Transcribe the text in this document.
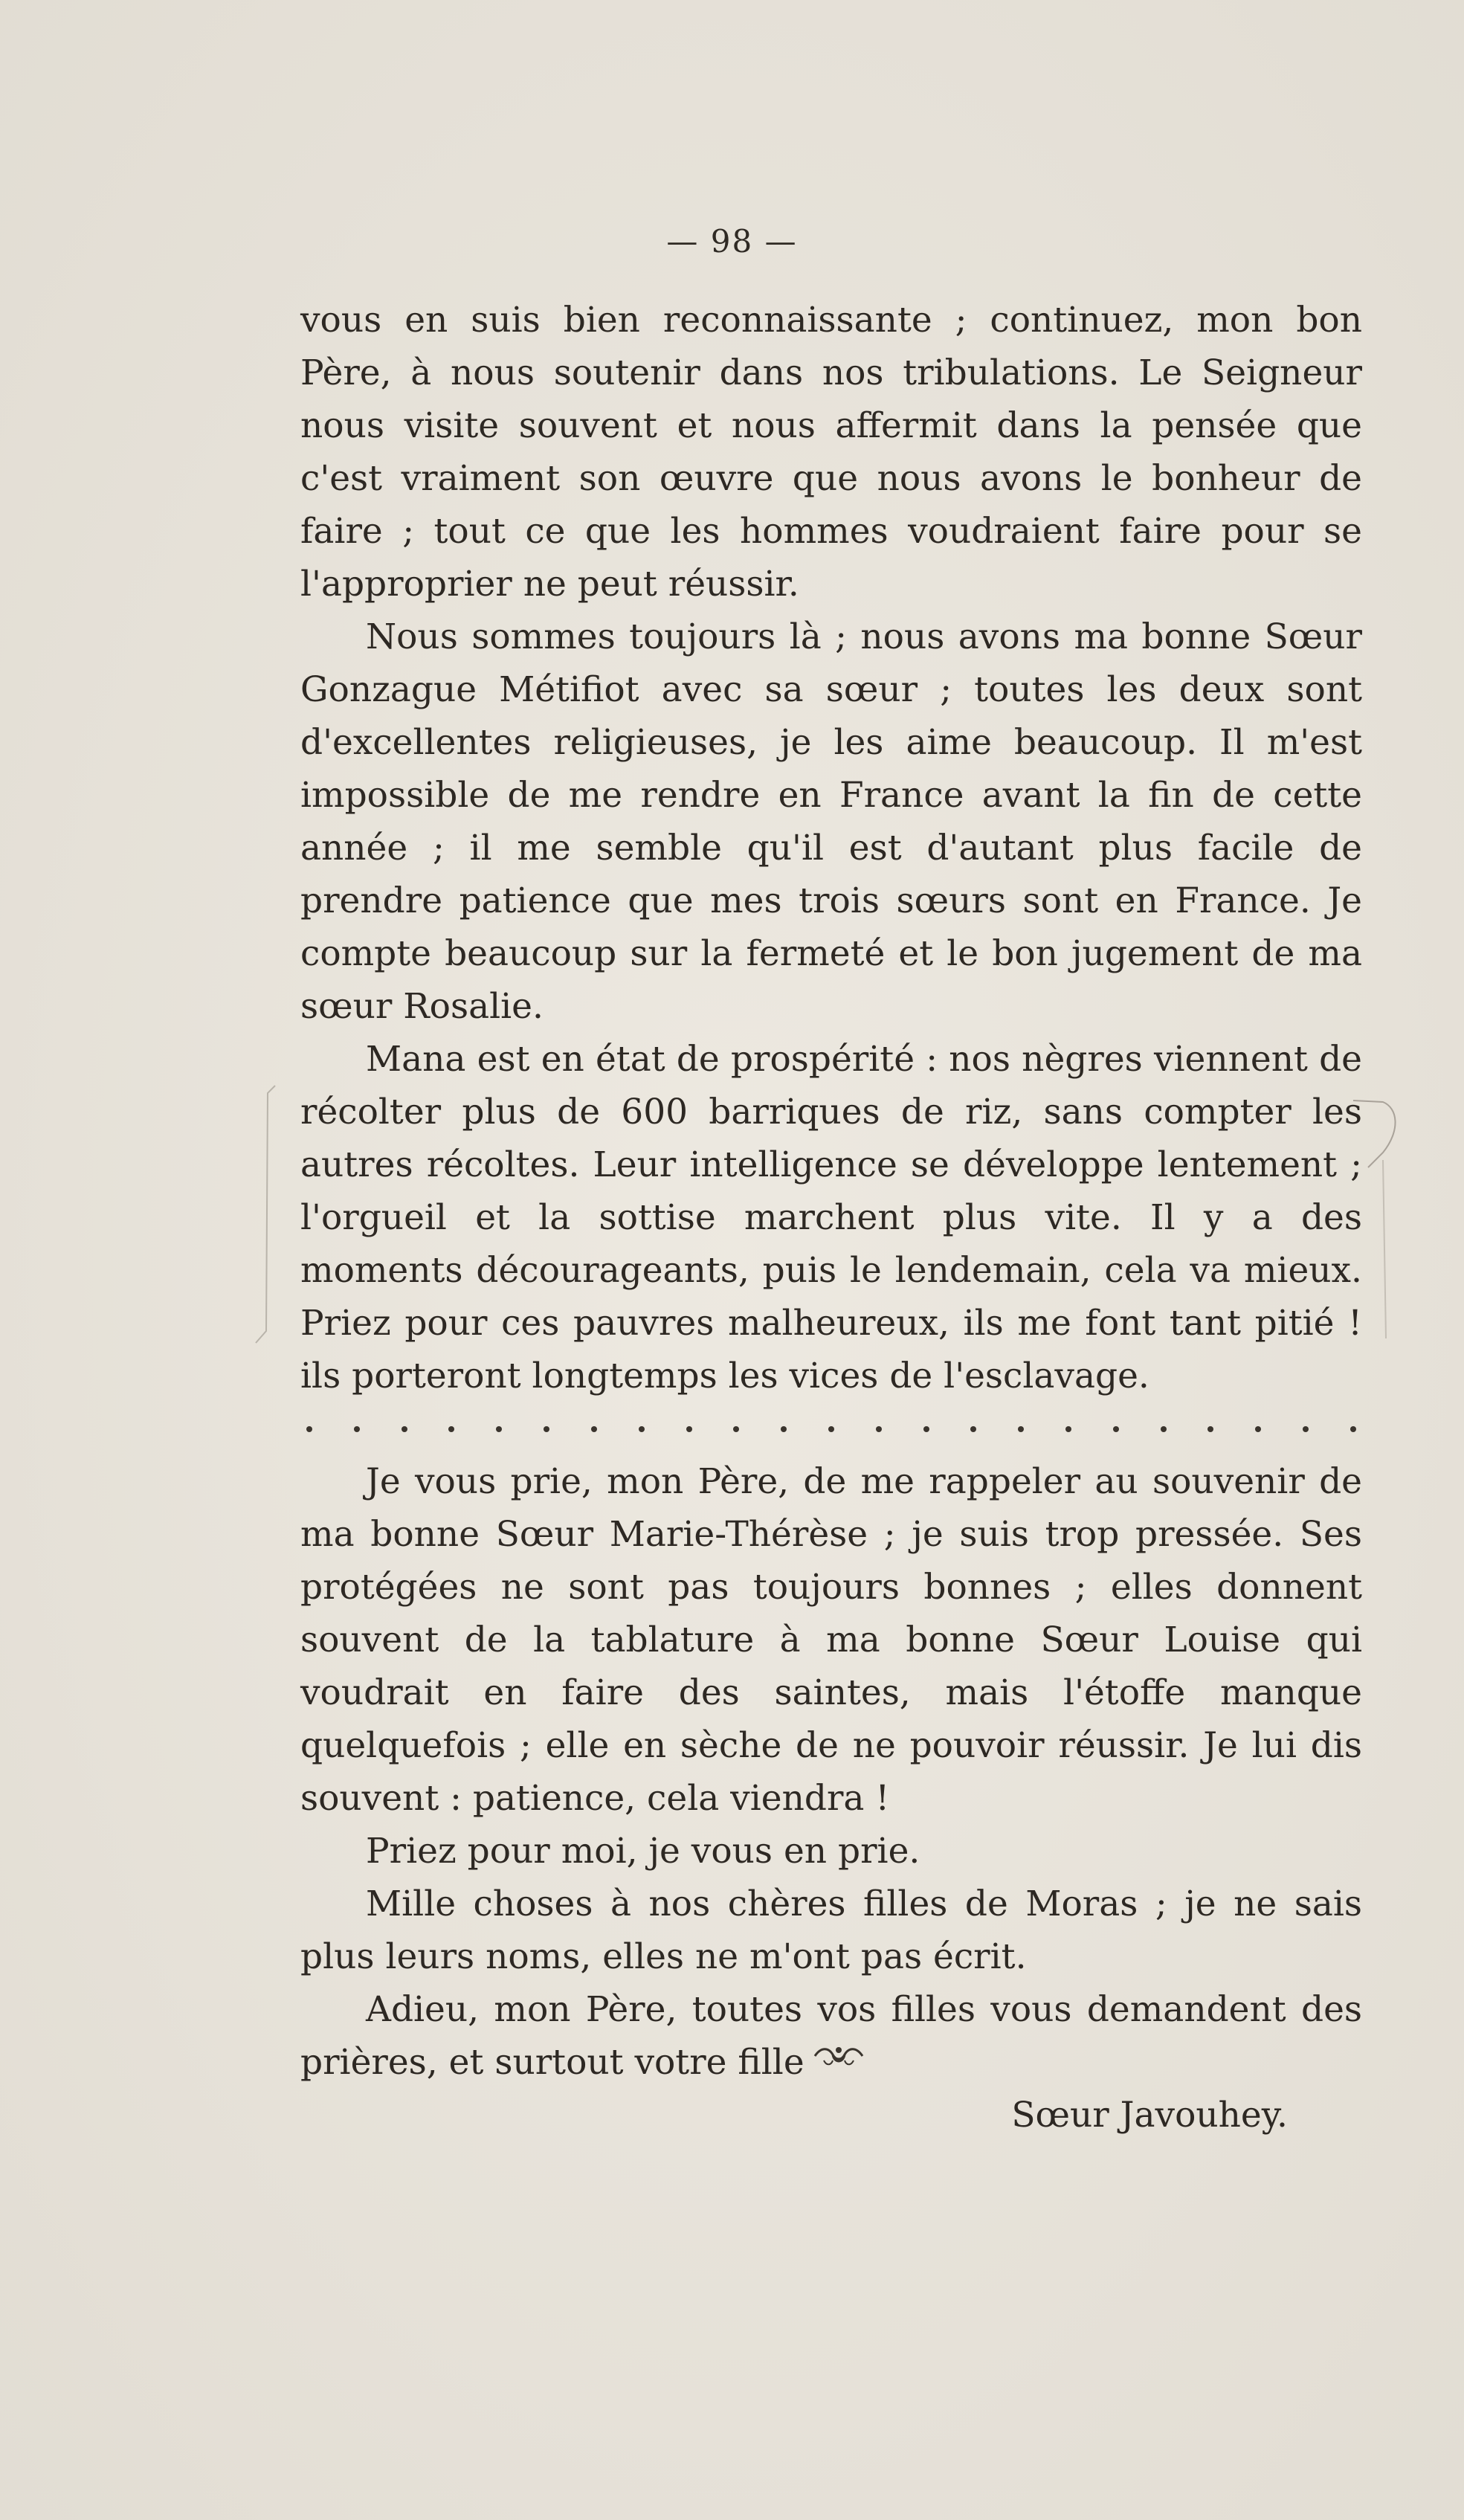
— 98 —

vous en suis bien reconnaissante ; continuez, mon bon Père, à nous soutenir dans nos tribulations. Le Seigneur nous visite souvent et nous affermit dans la pensée que c'est vraiment son œuvre que nous avons le bonheur de faire ; tout ce que les hommes voudraient faire pour se l'approprier ne peut réussir.

Nous sommes toujours là ; nous avons ma bonne Sœur Gonzague Métifiot avec sa sœur ; toutes les deux sont d'excellentes religieuses, je les aime beaucoup. Il m'est impossible de me rendre en France avant la fin de cette année ; il me semble qu'il est d'autant plus facile de prendre patience que mes trois sœurs sont en France. Je compte beaucoup sur la fermeté et le bon jugement de ma sœur Rosalie.

Mana est en état de prospérité : nos nègres viennent de récolter plus de 600 barriques de riz, sans compter les autres récoltes. Leur intelligence se développe lentement ; l'orgueil et la sottise marchent plus vite. Il y a des moments décourageants, puis le lendemain, cela va mieux. Priez pour ces pauvres malheureux, ils me font tant pitié ! ils porteront longtemps les vices de l'esclavage.

Je vous prie, mon Père, de me rappeler au souvenir de ma bonne Sœur Marie-Thérèse ; je suis trop pressée. Ses protégées ne sont pas toujours bonnes ; elles donnent souvent de la tablature à ma bonne Sœur Louise qui voudrait en faire des saintes, mais l'étoffe manque quelquefois ; elle en sèche de ne pouvoir réussir. Je lui dis souvent : patience, cela viendra !

Priez pour moi, je vous en prie.

Mille choses à nos chères filles de Moras ; je ne sais plus leurs noms, elles ne m'ont pas écrit.

Adieu, mon Père, toutes vos filles vous demandent des prières, et surtout votre fille

Sœur Javouhey.
